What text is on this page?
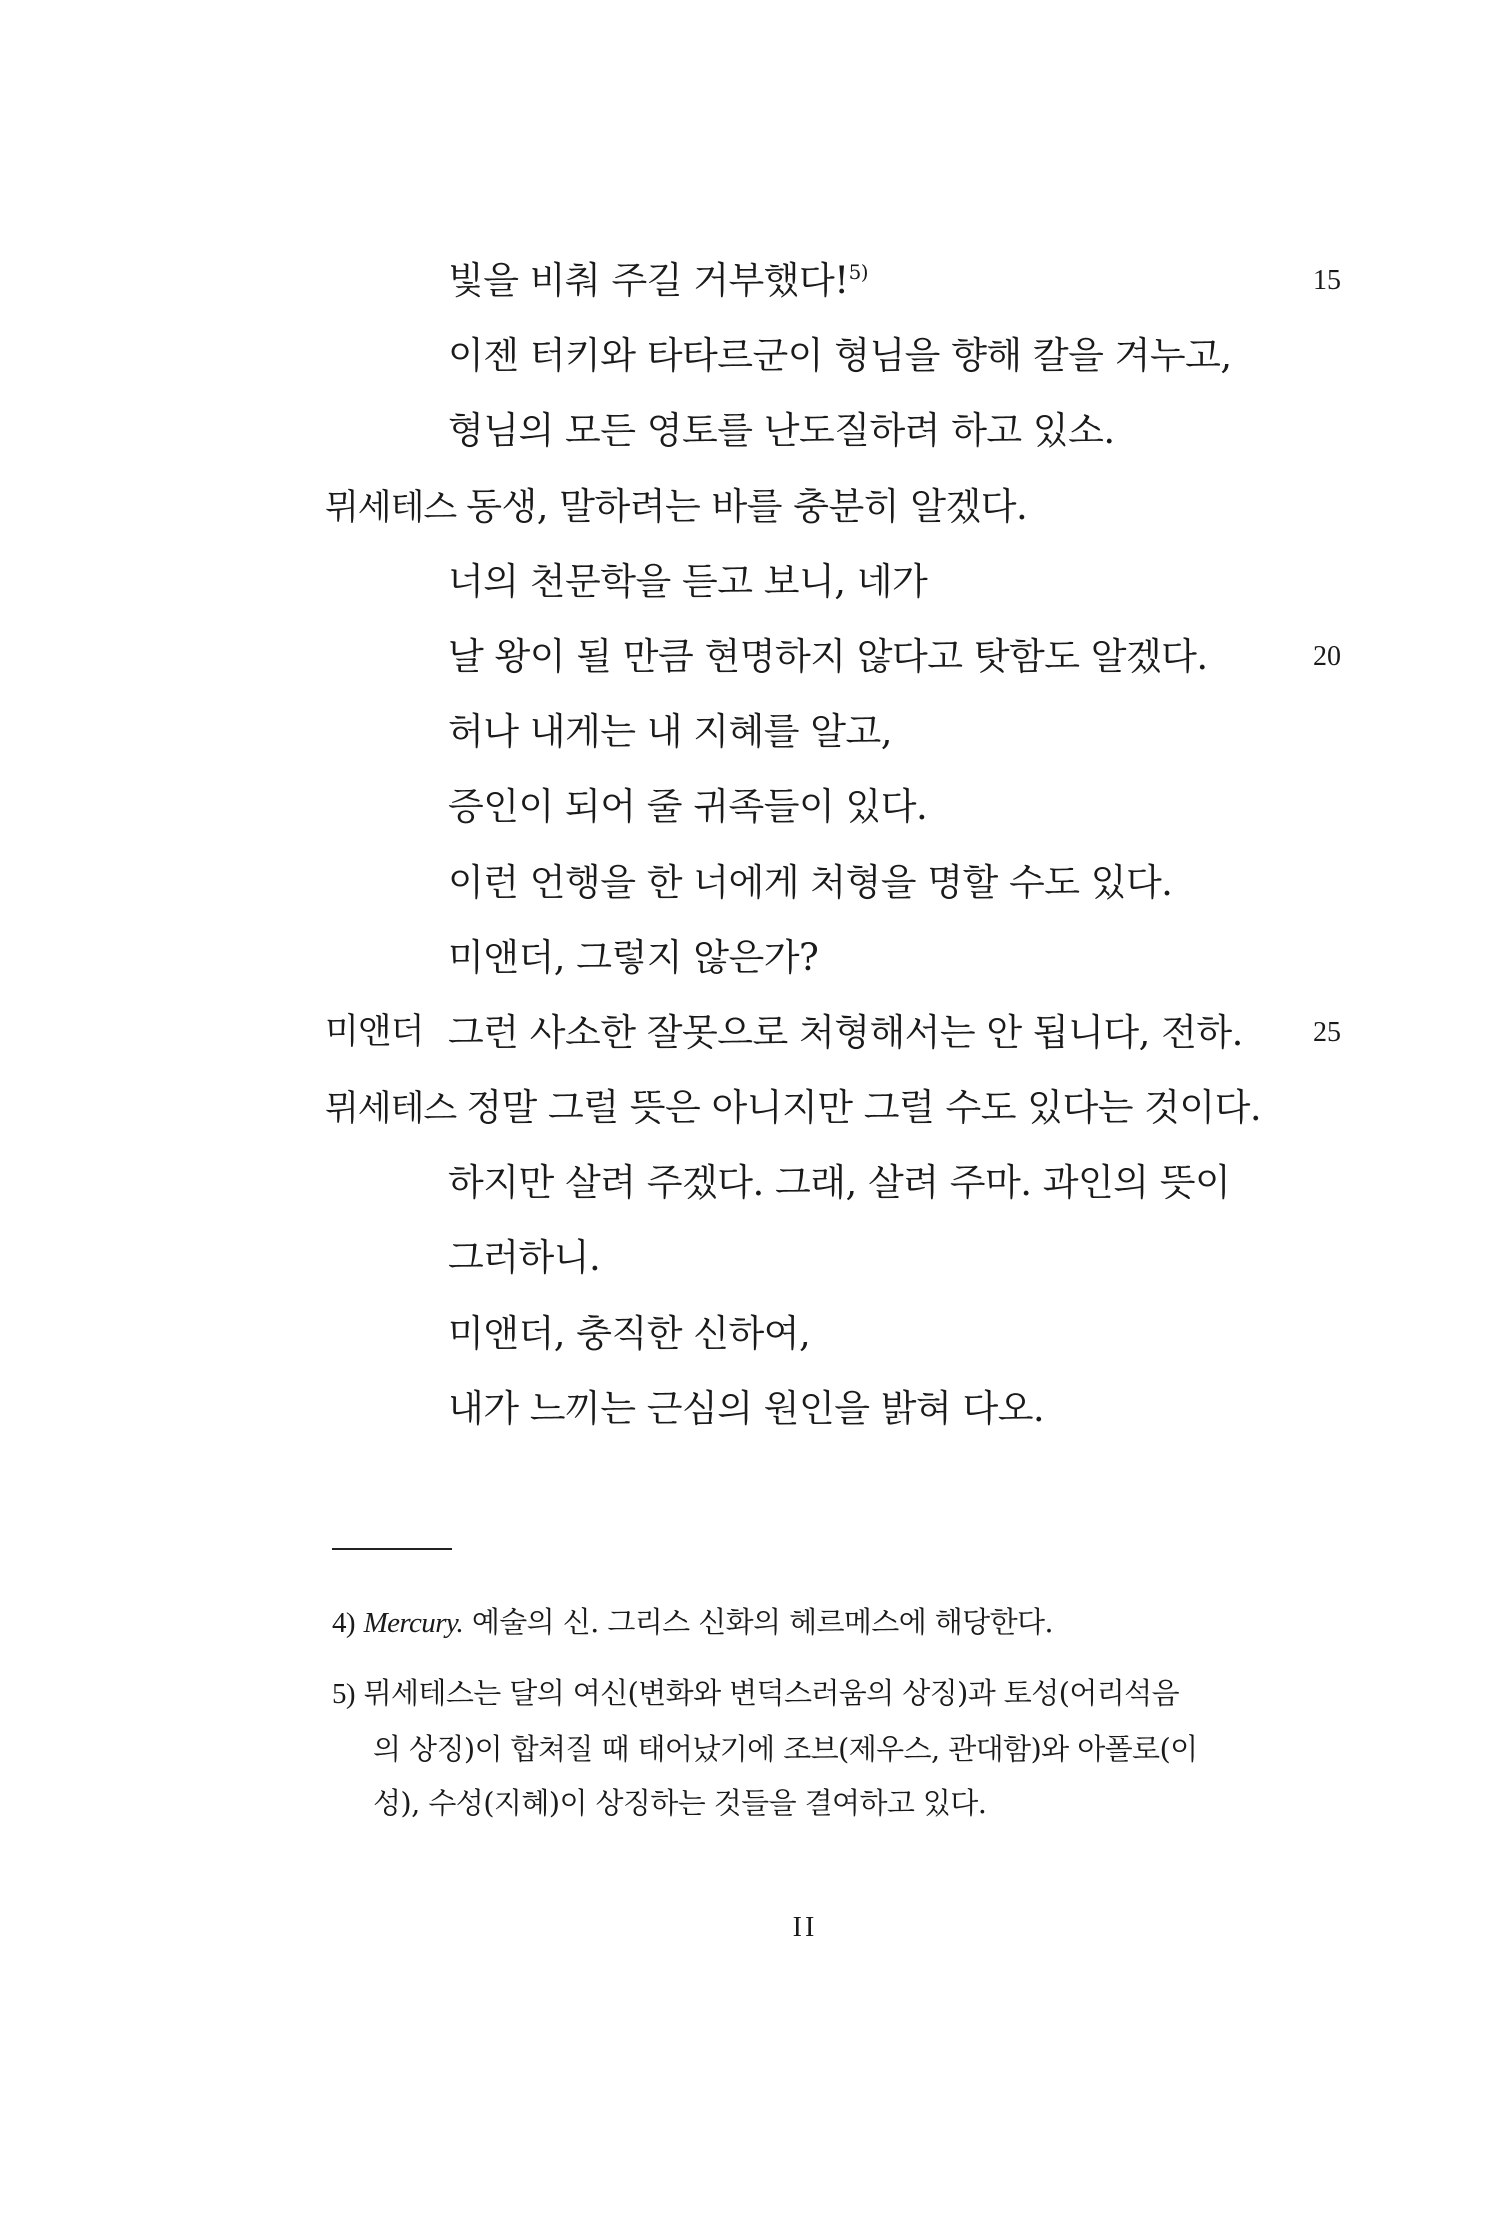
빛을 비춰 주길 거부했다!$^{5)}$	15
이젠 터키와 타타르군이 형님을 향해 칼을 겨누고,
형님의 모든 영토를 난도질하려 하고 있소.
뮈세테스 동생, 말하려는 바를 충분히 알겠다.
너의 천문학을 듣고 보니, 네가
날 왕이 될 만큼 현명하지 않다고 탓함도 알겠다.	20
허나 내게는 내 지혜를 알고,
증인이 되어 줄 귀족들이 있다.
이런 언행을 한 너에게 처형을 명할 수도 있다.
미앤더, 그렇지 않은가?
미앤더 그런 사소한 잘못으로 처형해서는 안 됩니다, 전하.	25
뮈세테스 정말 그럴 뜻은 아니지만 그럴 수도 있다는 것이다.
하지만 살려 주겠다. 그래, 살려 주마. 과인의 뜻이
그러하니.
미앤더, 충직한 신하여,
내가 느끼는 근심의 원인을 밝혀 다오.
4) Mercury. 예술의 신. 그리스 신화의 헤르메스에 해당한다.
5) 뮈세테스는 달의 여신(변화와 변덕스러움의 상징)과 토성(어리석음
의 상징)이 합쳐질 때 태어났기에 조브(제우스, 관대함)와 아폴로(이
성), 수성(지혜)이 상징하는 것들을 결여하고 있다.
II
